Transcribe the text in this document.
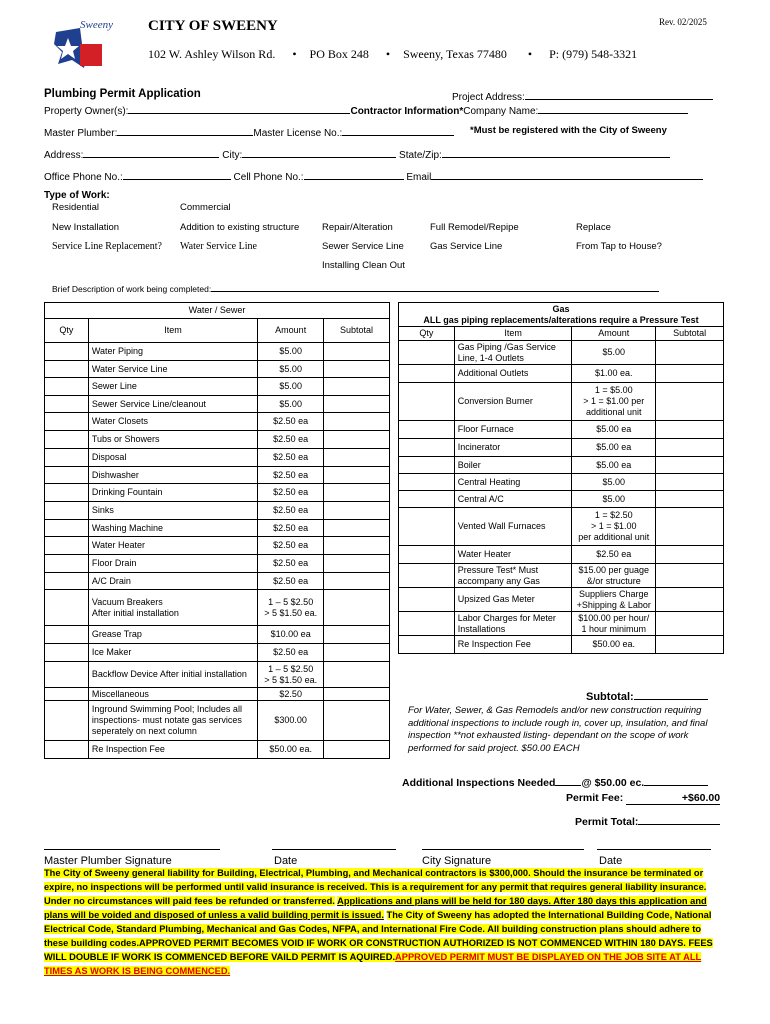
Sweeny	Rev. 02/2025
CITY OF SWEENY
102 W. Ashley Wilson Rd. • PO Box 248 • Sweeny, Texas 77480 • P: (979) 548-3321
Plumbing Permit Application	Project Address:
Property Owner(s):	Contractor Information*Company Name:
Master Plumber:	Master License No.:	*Must be registered with the City of Sweeny
Address:	City:	State/Zip:
Office Phone No.:	Cell Phone No.:	Email
Type of Work:
Residential	Commercial
New Installation	Addition to existing structure Repair/Alteration	Full Remodel/Repipe	Replace
Service Line Replacement? Water Service Line	Sewer Service Line	Gas Service Line	From Tap to House?
Installing Clean Out
Brief Description of work being completed:
Water / Sewer			
Qty	Item	Amount	Subtotal
	Water Piping	$5.00	
	Water Service Line	$5.00	
	Sewer Line	$5.00	
	Sewer Service Line/cleanout	$5.00	
	Water Closets	$2.50 ea	
	Tubs or Showers	$2.50 ea	
	Disposal	$2.50 ea	
	Dishwasher	$2.50 ea	
	Drinking Fountain	$2.50 ea	
	Sinks	$2.50 ea	
	Washing Machine	$2.50 ea	
	Water Heater	$2.50 ea	
	Floor Drain	$2.50 ea	
	A/C Drain	$2.50 ea	
	Vacuum Breakers
After initial installation	1 – 5 $2.50
> 5 $1.50 ea.	
	Grease Trap	$10.00 ea	
	Ice Maker	$2.50 ea	
	Backflow Device After initial installation	1 – 5 $2.50
> 5 $1.50 ea.	
	Miscellaneous	$2.50	
	Inground Swimming Pool; Includes all inspections- must notate gas services seperately on next column	$300.00	
	Re Inspection Fee	$50.00 ea.	
Gas
ALL gas piping replacements/alterations require a Pressure Test			

Qty	Item	Amount	Subtotal
	Gas Piping /Gas Service Line, 1-4 Outlets	$5.00	
	Additional Outlets	$1.00 ea.	
	Conversion Burner	1 = $5.00
> 1 = $1.00 per additional unit	
	Floor Furnace	$5.00 ea	
	Incinerator	$5.00 ea	
	Boiler	$5.00 ea	
	Central Heating	$5.00	
	Central A/C	$5.00	
	Vented Wall Furnaces	1 = $2.50
> 1 = $1.00
per additional unit	
	Water Heater	$2.50 ea	
	Pressure Test* Must accompany any Gas	$15.00 per guage &/or structure	
	Upsized Gas Meter	Suppliers Charge +Shipping & Labor	
	Labor Charges for Meter Installations	$100.00 per hour/ 1 hour minimum	
	Re Inspection Fee	$50.00 ea.	
Subtotal:
For Water, Sewer, & Gas Remodels and/or new construction requiring additional inspections to include rough in, cover up, insulation, and final inspection **not exhausted listing- dependant on the scope of work performed for said project. $50.00 EACH
Additional Inspections Needed @ $50.00 ec.
Permit Fee:	+$60.00
Permit Total:
Master Plumber Signature	Date	City Signature	Date
The City of Sweeny general liability for Building, Electrical, Plumbing, and Mechanical contractors is $300,000. Should the insurance be terminated or expire, no inspections will be performed until valid insurance is received. This is a requirement for any permit that requires general liability insurance. Under no circumstances will paid fees be refunded or transferred. Applications and plans will be held for 180 days. After 180 days this application and plans will be voided and disposed of unless a valid building permit is issued. The City of Sweeny has adopted the International Building Code, National Electrical Code, Standard Plumbing, Mechanical and Gas Codes, NFPA, and International Fire Code. All building construction plans should adhere to these building codes.APPROVED PERMIT BECOMES VOID IF WORK OR CONSTRUCTION AUTHORIZED IS NOT COMMENCED WITHIN 180 DAYS. FEES WILL DOUBLE IF WORK IS COMMENCED BEFORE VAILD PERMIT IS AQUIRED.APPROVED PERMIT MUST BE DISPLAYED ON THE JOB SITE AT ALL TIMES AS WORK IS BEING COMMENCED.
